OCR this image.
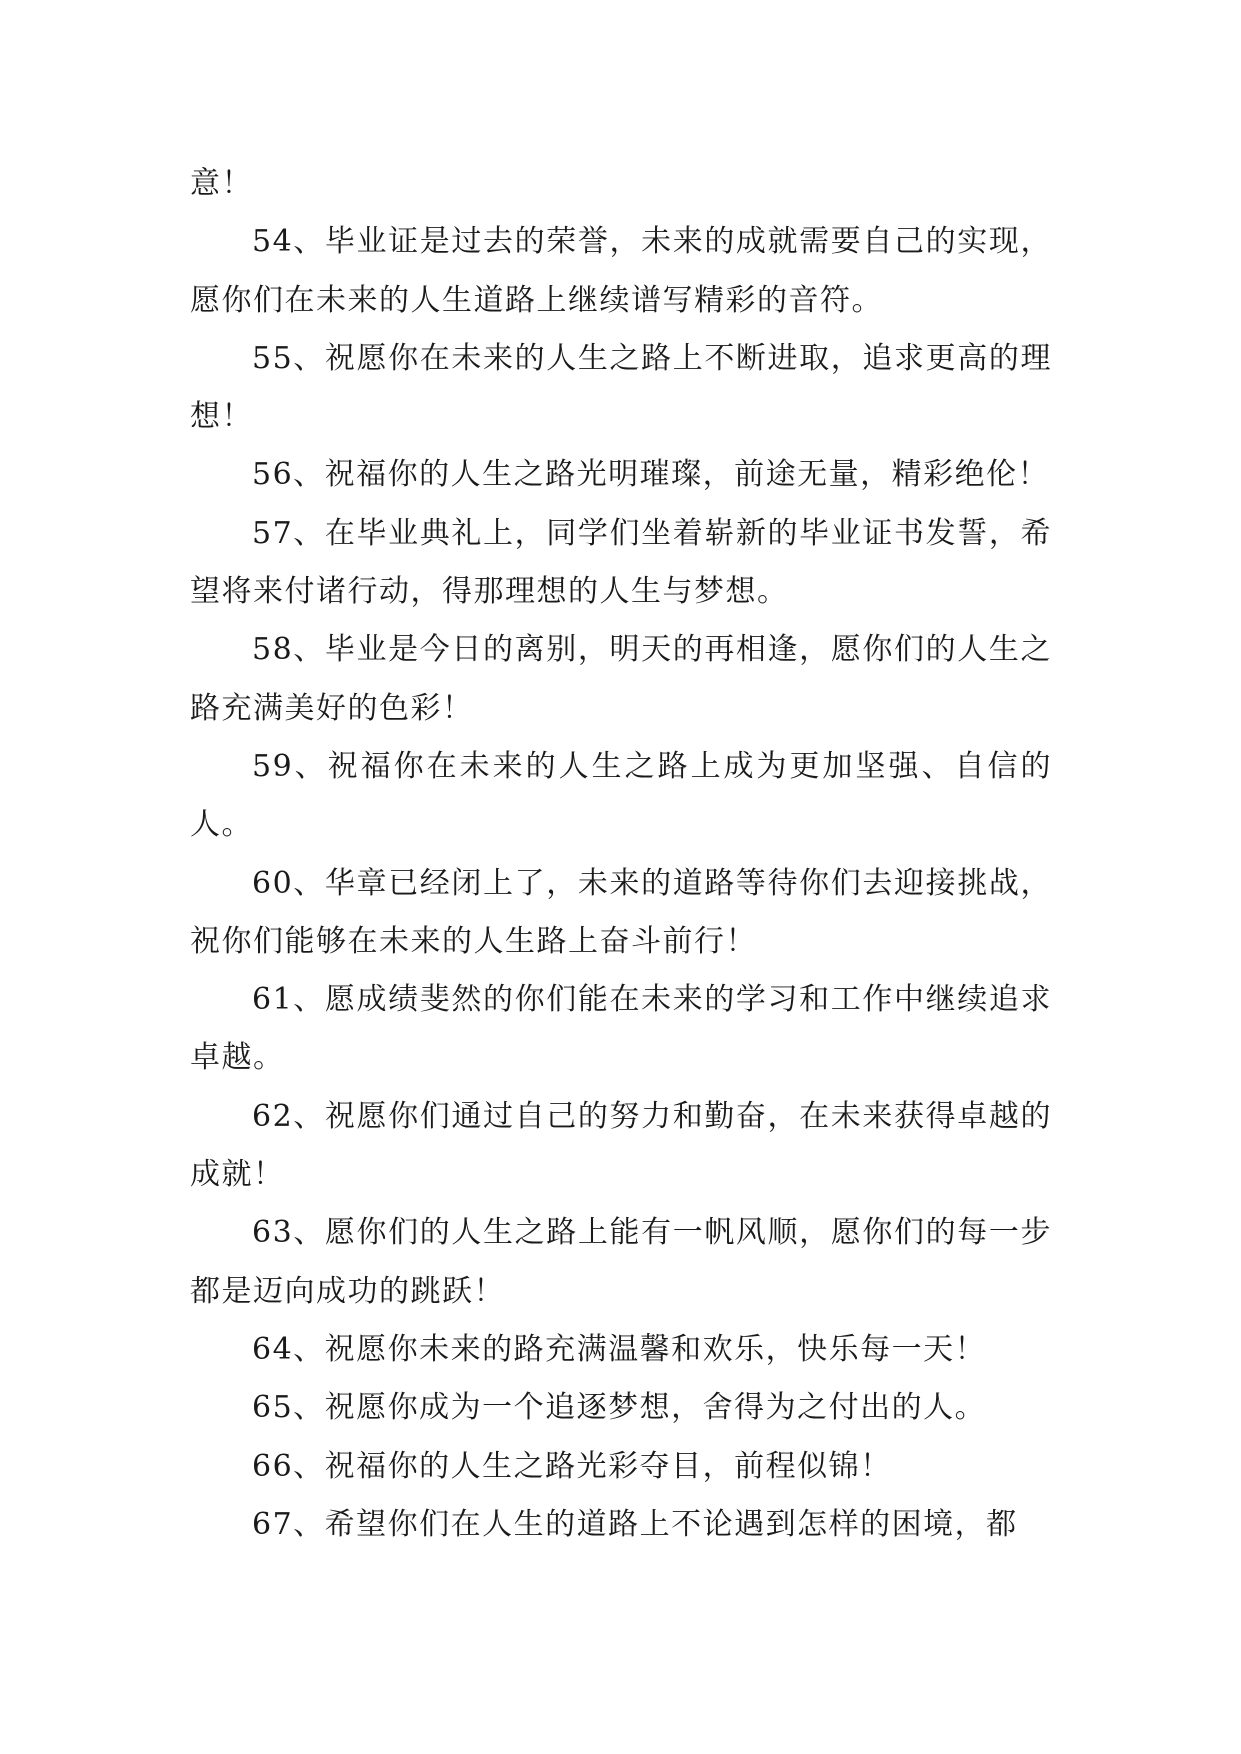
意！

54、毕业证是过去的荣誉，未来的成就需要自己的实现，愿你们在未来的人生道路上继续谱写精彩的音符。

55、祝愿你在未来的人生之路上不断进取，追求更高的理想！

56、祝福你的人生之路光明璀璨，前途无量，精彩绝伦！

57、在毕业典礼上，同学们坐着崭新的毕业证书发誓，希望将来付诸行动，得那理想的人生与梦想。

58、毕业是今日的离别，明天的再相逢，愿你们的人生之路充满美好的色彩！

59、祝福你在未来的人生之路上成为更加坚强、自信的人。

60、华章已经闭上了，未来的道路等待你们去迎接挑战，祝你们能够在未来的人生路上奋斗前行！

61、愿成绩斐然的你们能在未来的学习和工作中继续追求卓越。

62、祝愿你们通过自己的努力和勤奋，在未来获得卓越的成就！

63、愿你们的人生之路上能有一帆风顺，愿你们的每一步都是迈向成功的跳跃！

64、祝愿你未来的路充满温馨和欢乐，快乐每一天！

65、祝愿你成为一个追逐梦想，舍得为之付出的人。

66、祝福你的人生之路光彩夺目，前程似锦！

67、希望你们在人生的道路上不论遇到怎样的困境，都
